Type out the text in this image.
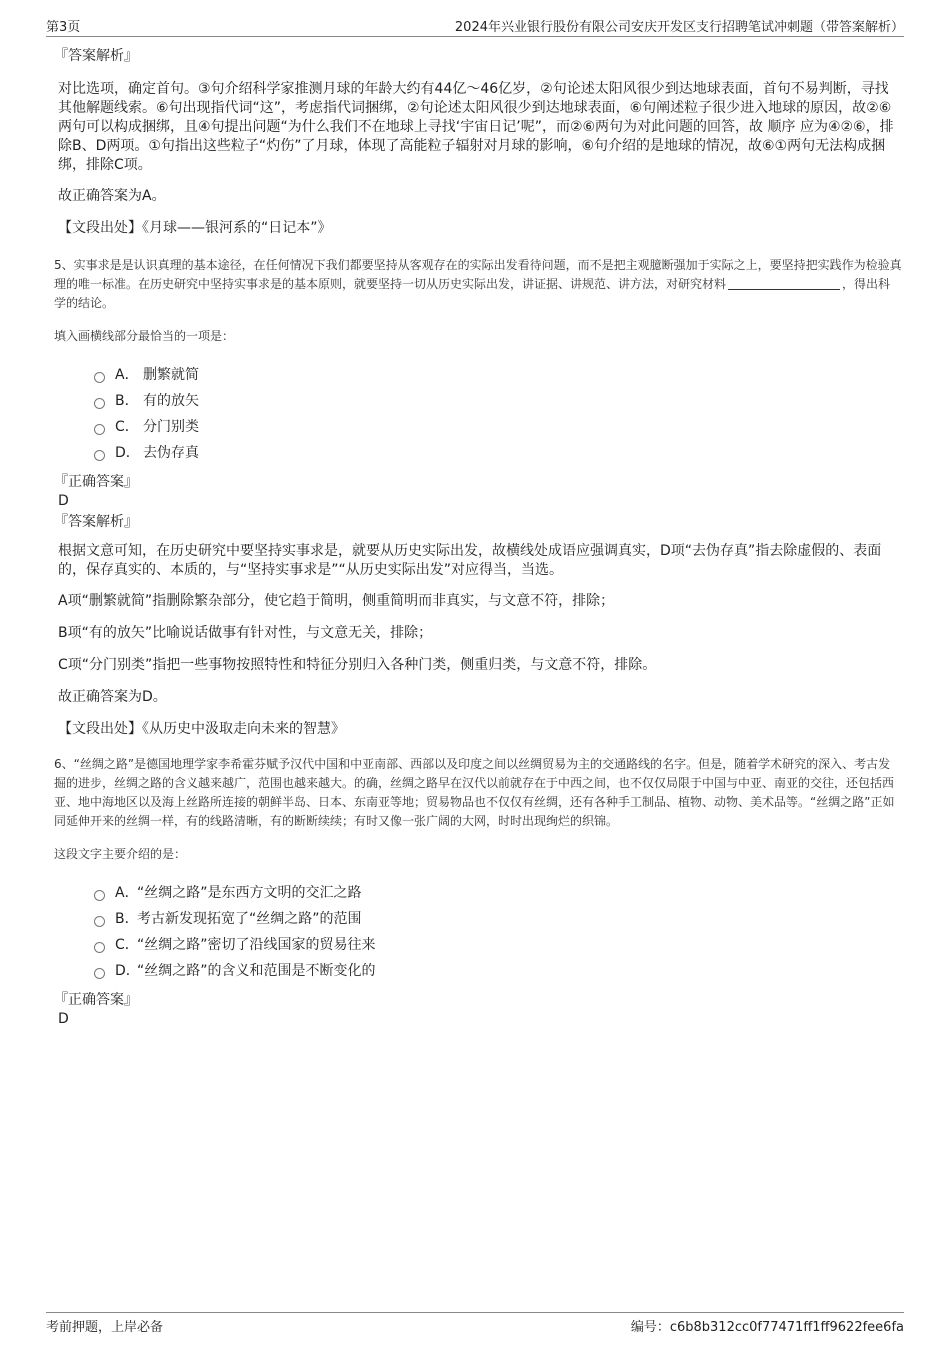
第3页	2024年兴业银行股份有限公司安庆开发区支行招聘笔试冲刺题（带答案解析）
『答案解析』

对比选项，确定首句。③句介绍科学家推测月球的年龄大约有44亿～46亿岁，②句论述太阳风很少到达地球表面，首句不易判断，寻找其他解题线索。⑥句出现指代词“这”，考虑指代词捆绑，②句论述太阳风很少到达地球表面，⑥句阐述粒子很少进入地球的原因，故②⑥两句可以构成捆绑，且④句提出问题“为什么我们不在地球上寻找‘宇宙日记’呢”，而②⑥两句为对此问题的回答，故 顺序 应为④②⑥，排除B、D两项。①句指出这些粒子“灼伤”了月球，体现了高能粒子辐射对月球的影响，⑥句介绍的是地球的情况，故⑥①两句无法构成捆绑，排除C项。

故正确答案为A。
【文段出处】《月球——银河系的“日记本”》
5、实事求是是认识真理的基本途径，在任何情况下我们都要坚持从客观存在的实际出发看待问题，而不是把主观臆断强加于实际之上，要坚持把实践作为检验真理的唯一标准。在历史研究中坚持实事求是的基本原则，就要坚持一切从历史实际出发，讲证据、讲规范、讲方法，对研究材料	，得出科学的结论。
填入画横线部分最恰当的一项是：
A． 删繁就简
B． 有的放矢
C． 分门别类
D． 去伪存真
『正确答案』
D
『答案解析』
根据文意可知，在历史研究中要坚持实事求是，就要从历史实际出发，故横线处成语应强调真实，D项“去伪存真”指去除虚假的、表面的，保存真实的、本质的，与“坚持实事求是”“从历史实际出发”对应得当，当选。
A项“删繁就简”指删除繁杂部分，使它趋于简明，侧重简明而非真实，与文意不符，排除；
B项“有的放矢”比喻说话做事有针对性，与文意无关，排除；
C项“分门别类”指把一些事物按照特性和特征分别归入各种门类，侧重归类，与文意不符，排除。
故正确答案为D。
【文段出处】《从历史中汲取走向未来的智慧》
6、“丝绸之路”是德国地理学家李希霍芬赋予汉代中国和中亚南部、西部以及印度之间以丝绸贸易为主的交通路线的名字。但是，随着学术研究的深入、考古发掘的进步，丝绸之路的含义越来越广，范围也越来越大。的确，丝绸之路早在汉代以前就存在于中西之间，也不仅仅局限于中国与中亚、南亚的交往，还包括西亚、地中海地区以及海上丝路所连接的朝鲜半岛、日本、东南亚等地；贸易物品也不仅仅有丝绸，还有各种手工制品、植物、动物、美术品等。“丝绸之路”正如同延伸开来的丝绸一样，有的线路清晰，有的断断续续；有时又像一张广阔的大网，时时出现绚烂的织锦。
这段文字主要介绍的是：
A．
“丝绸之路”是东西方文明的交汇之路
B．
考古新发现拓宽了“丝绸之路”的范围
C．
“丝绸之路”密切了沿线国家的贸易往来
D．
“丝绸之路”的含义和范围是不断变化的
『正确答案』
D
考前押题，上岸必备	编号：c6b8b312cc0f77471ff1ff9622fee6fa
